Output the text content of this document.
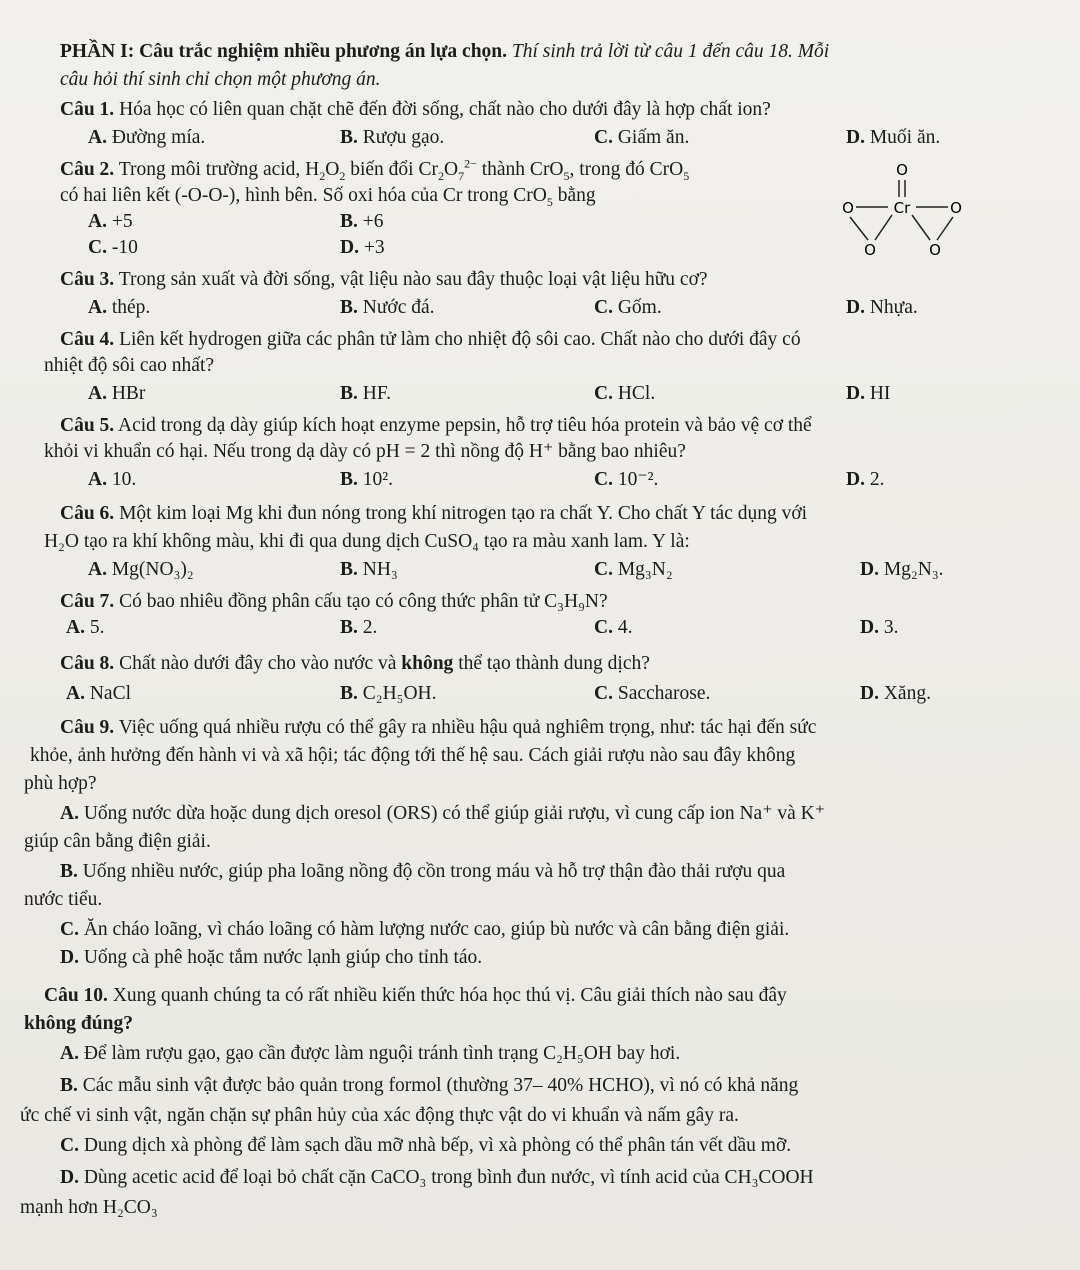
PHẦN I: Câu trắc nghiệm nhiều phương án lựa chọn. Thí sinh trả lời từ câu 1 đến câu 18. Mỗi
câu hỏi thí sinh chỉ chọn một phương án.
Câu 1. Hóa học có liên quan chặt chẽ đến đời sống, chất nào cho dưới đây là hợp chất ion?
A. Đường mía.	B. Rượu gạo.	C. Giấm ăn.	D. Muối ăn.
Câu 2. Trong môi trường acid, $H_2O_2$ biến đổi $Cr_2O_7^{2-}$ thành CrO$_5$, trong đó CrO$_5$
có hai liên kết (-O-O-), hình bên. Số oxi hóa của Cr trong CrO$_5$ bằng
A. +5	B. +6
C. -10	D. +3
O
Cr
O	O
O	O
Câu 3. Trong sản xuất và đời sống, vật liệu nào sau đây thuộc loại vật liệu hữu cơ?
A. thép.	B. Nước đá.	C. Gốm.	D. Nhựa.
Câu 4. Liên kết hydrogen giữa các phân tử làm cho nhiệt độ sôi cao. Chất nào cho dưới đây có
nhiệt độ sôi cao nhất?
A. HBr	B. HF.	C. HCl.	D. HI
Câu 5. Acid trong dạ dày giúp kích hoạt enzyme pepsin, hỗ trợ tiêu hóa protein và bảo vệ cơ thể
khỏi vi khuẩn có hại. Nếu trong dạ dày có pH = 2 thì nồng độ H⁺ bằng bao nhiêu?
A. 10.	B. 10².	C. 10⁻².	D. 2.
Câu 6. Một kim loại Mg khi đun nóng trong khí nitrogen tạo ra chất Y. Cho chất Y tác dụng với
H₂O tạo ra khí không màu, khi đi qua dung dịch CuSO₄ tạo ra màu xanh lam. Y là:
A. Mg(NO₃)₂	B. NH₃	C. Mg₃N₂	D. Mg₂N₃.
Câu 7. Có bao nhiêu đồng phân cấu tạo có công thức phân tử C₃H₉N?
A. 5.	B. 2.	C. 4.	D. 3.
Câu 8. Chất nào dưới đây cho vào nước và không thể tạo thành dung dịch?
A. NaCl	B. C₂H₅OH.	C. Saccharose.	D. Xăng.
Câu 9. Việc uống quá nhiều rượu có thể gây ra nhiều hậu quả nghiêm trọng, như: tác hại đến sức
khỏe, ảnh hưởng đến hành vi và xã hội; tác động tới thế hệ sau. Cách giải rượu nào sau đây không
phù hợp?
A. Uống nước dừa hoặc dung dịch oresol (ORS) có thể giúp giải rượu, vì cung cấp ion Na⁺ và K⁺
giúp cân bằng điện giải.
B. Uống nhiều nước, giúp pha loãng nồng độ cồn trong máu và hỗ trợ thận đào thải rượu qua
nước tiểu.
C. Ăn cháo loãng, vì cháo loãng có hàm lượng nước cao, giúp bù nước và cân bằng điện giải.
D. Uống cà phê hoặc tắm nước lạnh giúp cho tỉnh táo.
Câu 10. Xung quanh chúng ta có rất nhiều kiến thức hóa học thú vị. Câu giải thích nào sau đây
không đúng?
A. Để làm rượu gạo, gạo cần được làm nguội tránh tình trạng C₂H₅OH bay hơi.
B. Các mẫu sinh vật được bảo quản trong formol (thường 37– 40% HCHO), vì nó có khả năng
ức chế vi sinh vật, ngăn chặn sự phân hủy của xác động thực vật do vi khuẩn và nấm gây ra.
C. Dung dịch xà phòng để làm sạch dầu mỡ nhà bếp, vì xà phòng có thể phân tán vết dầu mỡ.
D. Dùng acetic acid để loại bỏ chất cặn CaCO₃ trong bình đun nước, vì tính acid của CH₃COOH
mạnh hơn H₂CO₃
